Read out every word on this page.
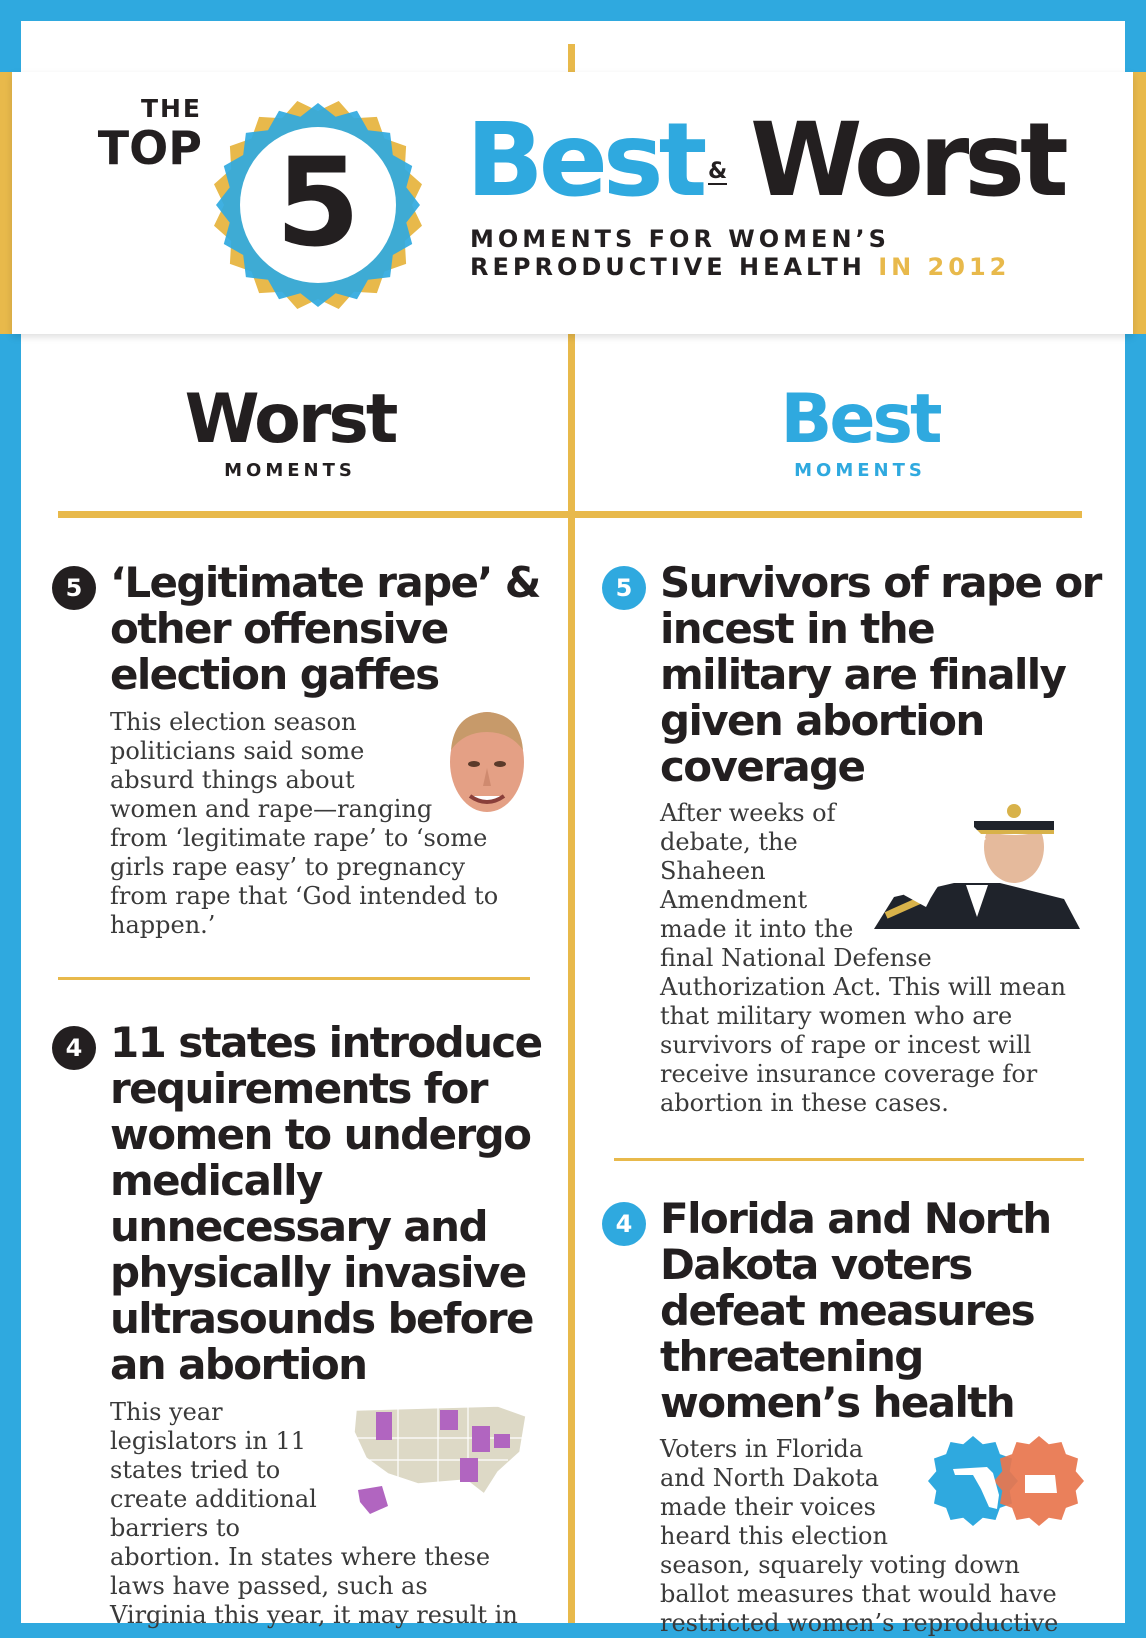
THE
TOP 5 Best & Worst
MOMENTS FOR WOMEN’S
REPRODUCTIVE HEALTH IN 2012
Worst
MOMENTS
Best
MOMENTS
5 ‘Legitimate rape’ & other offensive election gaffes
This election season politicians said some absurd things about women and rape—ranging from ‘legitimate rape’ to ‘some girls rape easy’ to pregnancy from rape that ‘God intended to happen.’
4 11 states introduce requirements for women to undergo medically unnecessary and physically invasive ultrasounds before an abortion
This year legislators in 11 states tried to create additional barriers to abortion. In states where these laws have passed, such as Virginia this year, it may result in
5 Survivors of rape or incest in the military are finally given abortion coverage
After weeks of debate, the Shaheen Amendment made it into the final National Defense Authorization Act. This will mean that military women who are survivors of rape or incest will receive insurance coverage for abortion in these cases.
4 Florida and North Dakota voters defeat measures threatening women’s health
Voters in Florida and North Dakota made their voices heard this election season, squarely voting down ballot measures that would have restricted women’s reproductive
